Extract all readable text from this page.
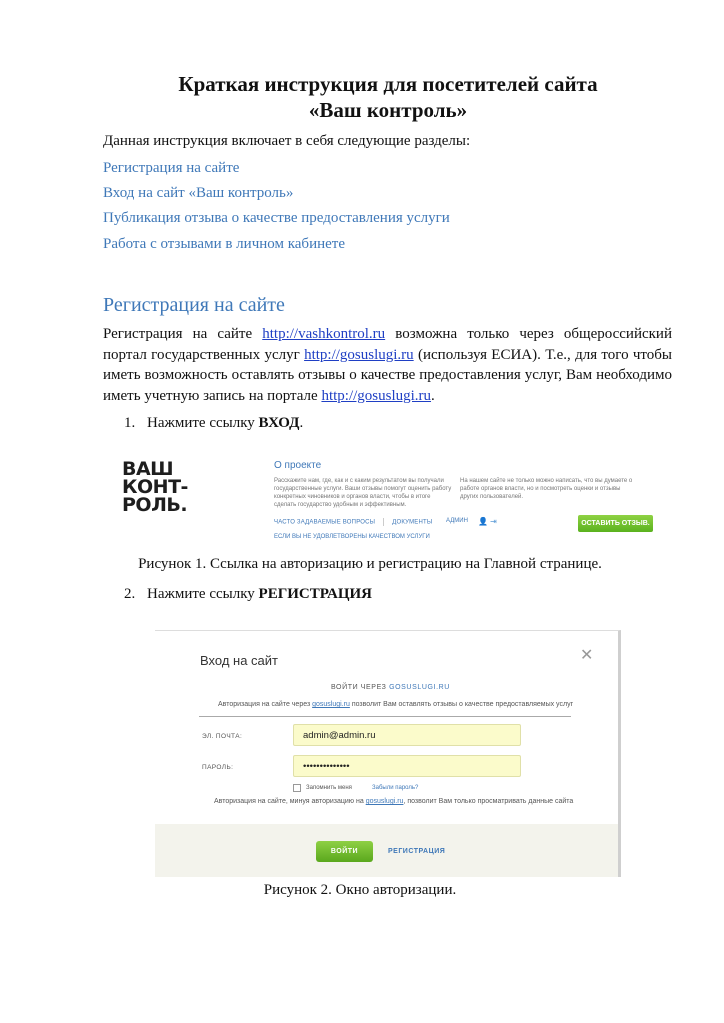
Краткая инструкция для посетителей сайта
«Ваш контроль»
Данная инструкция включает в себя следующие разделы:
Регистрация на сайте
Вход на сайт «Ваш контроль»
Публикация отзыва о качестве предоставления услуги
Работа с отзывами в личном кабинете
Регистрация на сайте
Регистрация на сайте http://vashkontrol.ru возможна только через общероссийский портал государственных услуг http://gosuslugi.ru (используя ЕСИА). Т.е., для того чтобы иметь возможность оставлять отзывы о качестве предоставления услуг, Вам необходимо иметь учетную запись на портале http://gosuslugi.ru.
1. Нажмите ссылку ВХОД.
ВАШ
КОНТ-
РОЛЬ.
О проекте
Расскажите нам, где, как и с каким результатом вы получали государственные услуги. Ваши отзывы помогут оценить работу конкретных чиновников и органов власти, чтобы в итоге сделать государство удобным и эффективным.
На нашем сайте не только можно написать, что вы думаете о работе органов власти, но и посмотреть оценки и отзывы других пользователей.
ЧАСТО ЗАДАВАЕМЫЕ ВОПРОСЫ	ДОКУМЕНТЫ АДМИН 👤 ⇥	ОСТАВИТЬ ОТЗЫВ.
ЕСЛИ ВЫ НЕ УДОВЛЕТВОРЕНЫ КАЧЕСТВОМ УСЛУГИ
Рисунок 1. Ссылка на авторизацию и регистрацию на Главной странице.
2. Нажмите ссылку РЕГИСТРАЦИЯ
Вход на сайт	✕
ВОЙТИ ЧЕРЕЗ GOSUSLUGI.RU
Авторизация на сайте через gosuslugi.ru позволит Вам оставлять отзывы о качестве предоставляемых услуг
ЭЛ. ПОЧТА:	admin@admin.ru
ПАРОЛЬ:	••••••••••••••
Запомнить меня	Забыли пароль?
Авторизация на сайте, минуя авторизацию на gosuslugi.ru, позволит Вам только просматривать данные сайта
ВОЙТИ	РЕГИСТРАЦИЯ
Рисунок 2. Окно авторизации.
